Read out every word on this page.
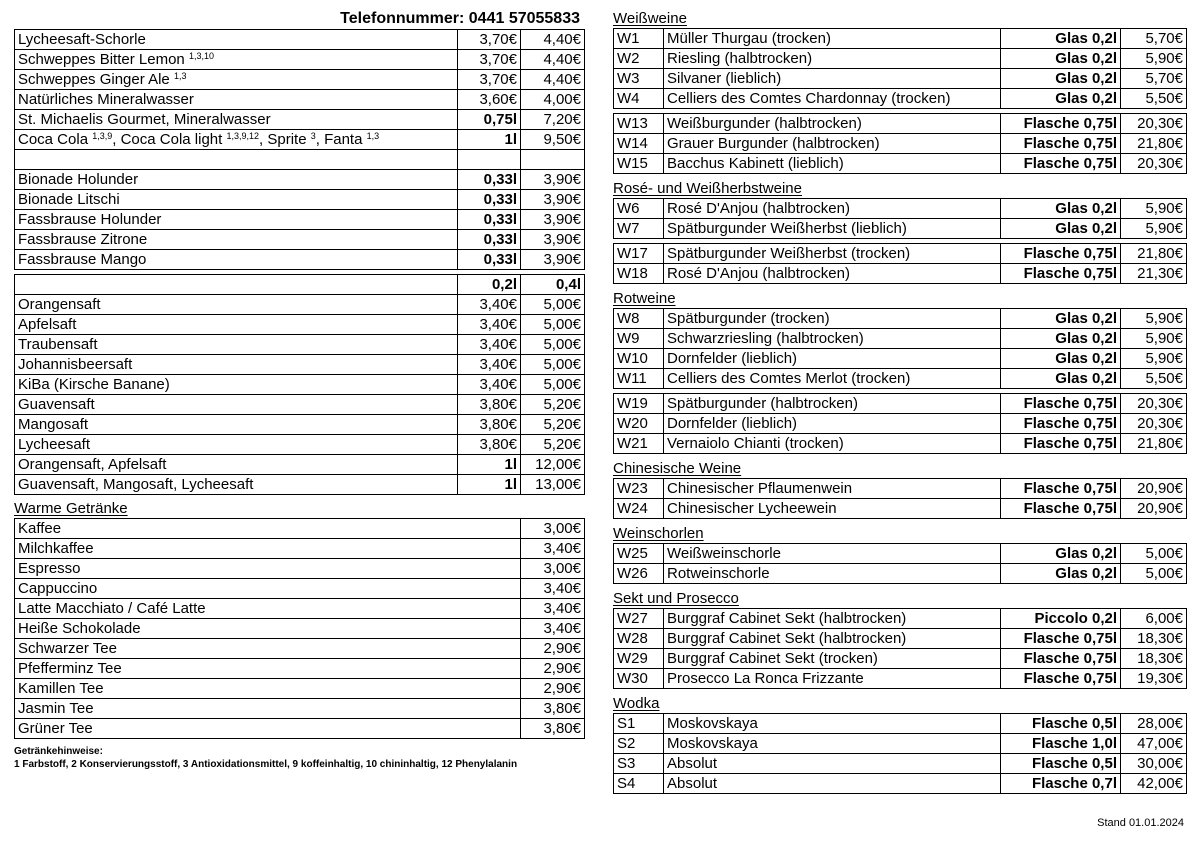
Telefonnummer: 0441 57055833
Lycheesaft-Schorle	3,70€	4,40€
Schweppes Bitter Lemon $^{1,3,10}$	3,70€	4,40€
Schweppes Ginger Ale $^{1,3}$	3,70€	4,40€
Natürliches Mineralwasser	3,60€	4,00€
St. Michaelis Gourmet, Mineralwasser	0,75l	7,20€
Coca Cola $^{1,3,9}$, Coca Cola light $^{1,3,9,12}$, Sprite $^3$, Fanta $^{1,3}$	1l	9,50€

Bionade Holunder	0,33l	3,90€
Bionade Litschi	0,33l	3,90€
Fassbrause Holunder	0,33l	3,90€
Fassbrause Zitrone	0,33l	3,90€
Fassbrause Mango	0,33l	3,90€

	0,2l	0,4l
Orangensaft	3,40€	5,00€
Apfelsaft	3,40€	5,00€
Traubensaft	3,40€	5,00€
Johannisbeersaft	3,40€	5,00€
KiBa (Kirsche Banane)	3,40€	5,00€
Guavensaft	3,80€	5,20€
Mangosaft	3,80€	5,20€
Lycheesaft	3,80€	5,20€
Orangensaft, Apfelsaft	1l	12,00€
Guavensaft, Mangosaft, Lycheesaft	1l	13,00€
Warme Getränke
Kaffee	3,00€
Milchkaffee	3,40€
Espresso	3,00€
Cappuccino	3,40€
Latte Macchiato / Café Latte	3,40€
Heiße Schokolade	3,40€
Schwarzer Tee	2,90€
Pfefferminz Tee	2,90€
Kamillen Tee	2,90€
Jasmin Tee	3,80€
Grüner Tee	3,80€
Getränkehinweise:
1 Farbstoff, 2 Konservierungsstoff, 3 Antioxidationsmittel, 9 koffeinhaltig, 10 chininhaltig, 12 Phenylalanin
Weißweine
W1	Müller Thurgau (trocken)	Glas 0,2l	5,70€
W2	Riesling (halbtrocken)	Glas 0,2l	5,90€
W3	Silvaner (lieblich)	Glas 0,2l	5,70€
W4	Celliers des Comtes Chardonnay (trocken)	Glas 0,2l	5,50€

W13	Weißburgunder (halbtrocken)	Flasche 0,75l	20,30€
W14	Grauer Burgunder (halbtrocken)	Flasche 0,75l	21,80€
W15	Bacchus Kabinett (lieblich)	Flasche 0,75l	20,30€
Rosé- und Weißherbstweine
W6	Rosé D'Anjou (halbtrocken)	Glas 0,2l	5,90€
W7	Spätburgunder Weißherbst (lieblich)	Glas 0,2l	5,90€

W17	Spätburgunder Weißherbst (trocken)	Flasche 0,75l	21,80€
W18	Rosé D'Anjou (halbtrocken)	Flasche 0,75l	21,30€
Rotweine
W8	Spätburgunder (trocken)	Glas 0,2l	5,90€
W9	Schwarzriesling (halbtrocken)	Glas 0,2l	5,90€
W10	Dornfelder (lieblich)	Glas 0,2l	5,90€
W11	Celliers des Comtes Merlot (trocken)	Glas 0,2l	5,50€

W19	Spätburgunder (halbtrocken)	Flasche 0,75l	20,30€
W20	Dornfelder (lieblich)	Flasche 0,75l	20,30€
W21	Vernaiolo Chianti (trocken)	Flasche 0,75l	21,80€
Chinesische Weine
W23	Chinesischer Pflaumenwein	Flasche 0,75l	20,90€
W24	Chinesischer Lycheewein	Flasche 0,75l	20,90€
Weinschorlen
W25	Weißweinschorle	Glas 0,2l	5,00€
W26	Rotweinschorle	Glas 0,2l	5,00€
Sekt und Prosecco
W27	Burggraf Cabinet Sekt (halbtrocken)	Piccolo 0,2l	6,00€
W28	Burggraf Cabinet Sekt (halbtrocken)	Flasche 0,75l	18,30€
W29	Burggraf Cabinet Sekt (trocken)	Flasche 0,75l	18,30€
W30	Prosecco La Ronca Frizzante	Flasche 0,75l	19,30€
Wodka
S1	Moskovskaya	Flasche 0,5l	28,00€
S2	Moskovskaya	Flasche 1,0l	47,00€
S3	Absolut	Flasche 0,5l	30,00€
S4	Absolut	Flasche 0,7l	42,00€
Stand 01.01.2024
